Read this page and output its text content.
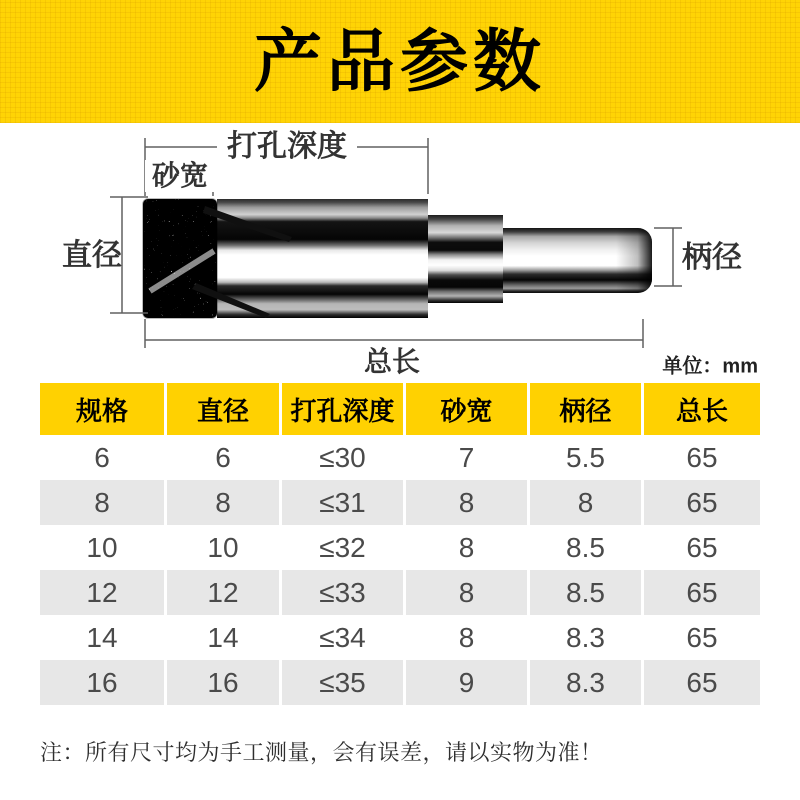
产品参数
打孔深度
砂宽
直径	柄径
总长	单位：mm
规格	直径	打孔深度	砂宽	柄径	总长
6	6	≤30	7	5.5	65
8	8	≤31	8	8	65
10	10	≤32	8	8.5	65
12	12	≤33	8	8.5	65
14	14	≤34	8	8.3	65
16	16	≤35	9	8.3	65
注：所有尺寸均为手工测量，会有误差，请以实物为准！
